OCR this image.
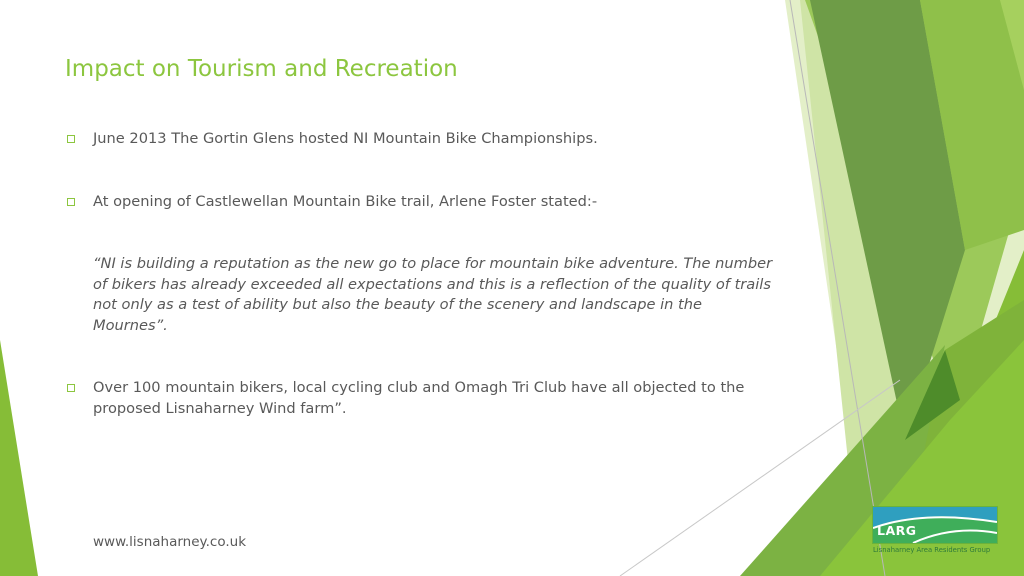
Impact on Tourism and Recreation
June 2013 The Gortin Glens hosted NI Mountain Bike Championships.
At opening of Castlewellan Mountain Bike trail, Arlene Foster stated:-
“NI is building a reputation as the new go to place for mountain bike adventure. The number of bikers has already exceeded all expectations and this is a reflection of the quality of trails not only as a test of ability but also the beauty of the scenery and landscape in the Mournes”.
Over 100 mountain bikers, local cycling club and Omagh Tri Club have all objected to the proposed Lisnaharney Wind farm”.
www.lisnaharney.co.uk
LARG
Lisnaharney Area Residents Group
